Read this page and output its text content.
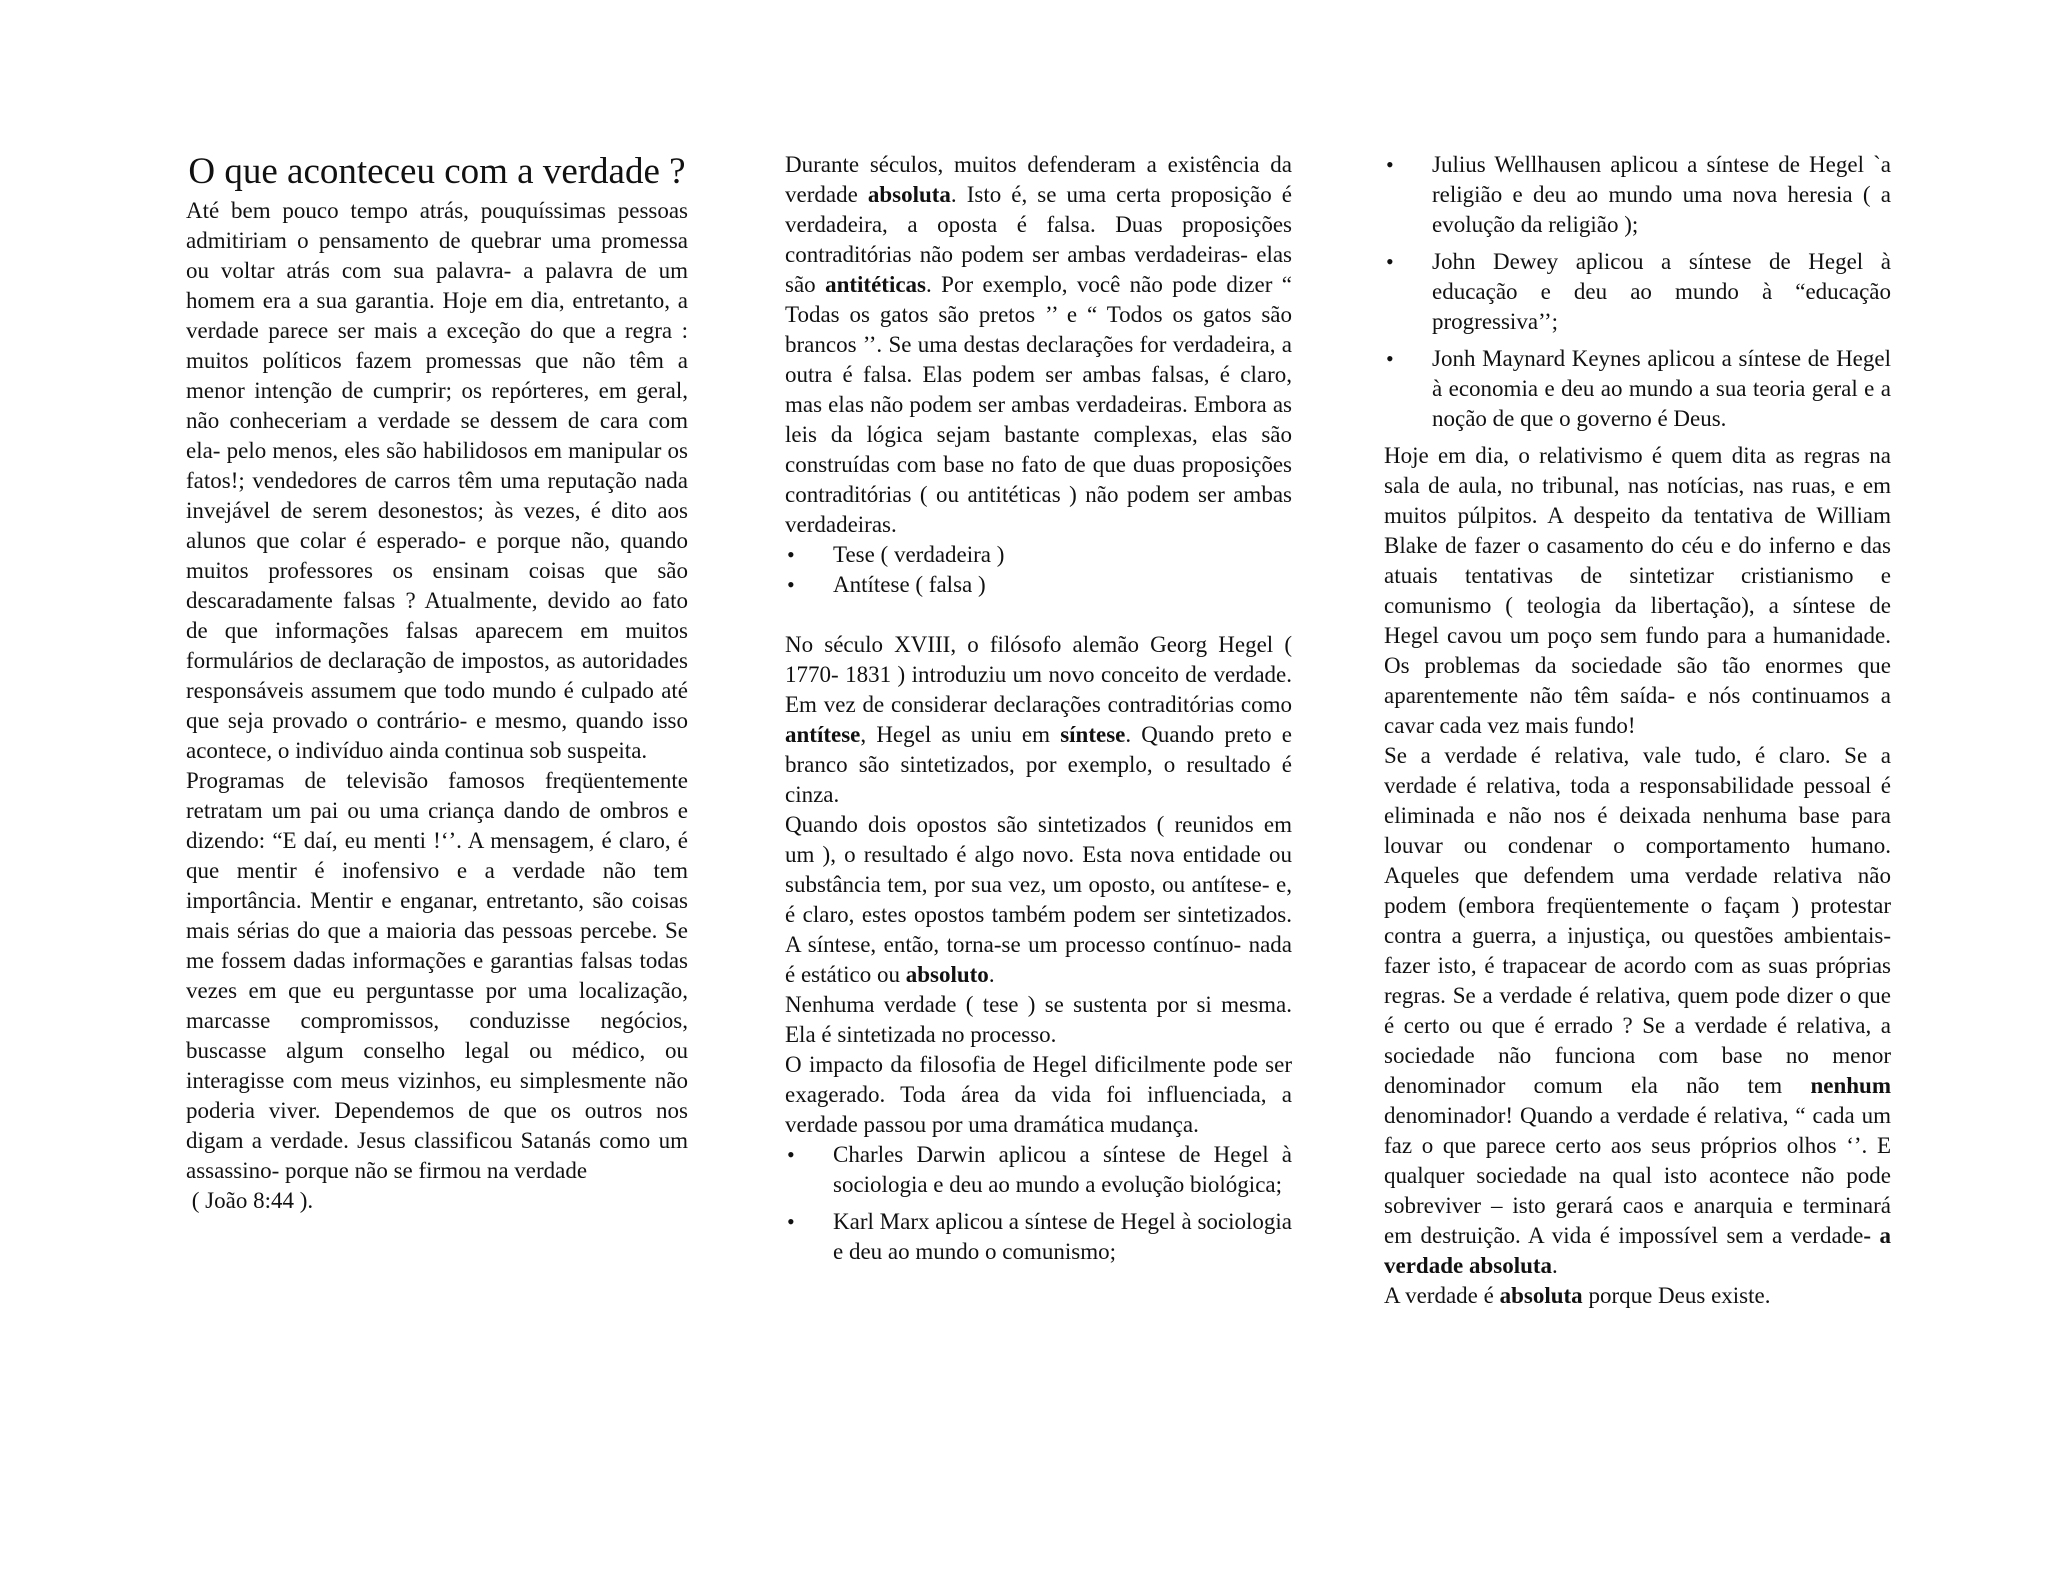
O que aconteceu com a verdade ?

Até bem pouco tempo atrás, pouquíssimas pessoas admitiriam o pensamento de quebrar uma promessa ou voltar atrás com sua palavra- a palavra de um homem era a sua garantia. Hoje em dia, entretanto, a verdade parece ser mais a exceção do que a regra : muitos políticos fazem promessas que não têm a menor intenção de cumprir; os repórteres, em geral, não conheceriam a verdade se dessem de cara com ela- pelo menos, eles são habilidosos em manipular os fatos!; vendedores de carros têm uma reputação nada invejável de serem desonestos; às vezes, é dito aos alunos que colar é esperado- e porque não, quando muitos professores os ensinam coisas que são descaradamente falsas ? Atualmente, devido ao fato de que informações falsas aparecem em muitos formulários de declaração de impostos, as autoridades responsáveis assumem que todo mundo é culpado até que seja provado o contrário- e mesmo, quando isso acontece, o indivíduo ainda continua sob suspeita.

Programas de televisão famosos freqüentemente retratam um pai ou uma criança dando de ombros e dizendo: “E daí, eu menti !‘’. A mensagem, é claro, é que mentir é inofensivo e a verdade não tem importância. Mentir e enganar, entretanto, são coisas mais sérias do que a maioria das pessoas percebe. Se me fossem dadas informações e garantias falsas todas vezes em que eu perguntasse por uma localização, marcasse compromissos, conduzisse negócios, buscasse algum conselho legal ou médico, ou interagisse com meus vizinhos, eu simplesmente não poderia viver. Dependemos de que os outros nos digam a verdade. Jesus classificou Satanás como um assassino- porque não se firmou na verdade
( João 8:44 ).

Durante séculos, muitos defenderam a existência da verdade absoluta. Isto é, se uma certa proposição é verdadeira, a oposta é falsa. Duas proposições contraditórias não podem ser ambas verdadeiras- elas são antitéticas. Por exemplo, você não pode dizer “ Todas os gatos são pretos ’’ e “ Todos os gatos são brancos ’’. Se uma destas declarações for verdadeira, a outra é falsa. Elas podem ser ambas falsas, é claro, mas elas não podem ser ambas verdadeiras. Embora as leis da lógica sejam bastante complexas, elas são construídas com base no fato de que duas proposições contraditórias ( ou antitéticas ) não podem ser ambas verdadeiras.

• Tese ( verdadeira )
• Antítese ( falsa )

No século XVIII, o filósofo alemão Georg Hegel ( 1770- 1831 ) introduziu um novo conceito de verdade. Em vez de considerar declarações contraditórias como antítese, Hegel as uniu em síntese. Quando preto e branco são sintetizados, por exemplo, o resultado é cinza.

Quando dois opostos são sintetizados ( reunidos em um ), o resultado é algo novo. Esta nova entidade ou substância tem, por sua vez, um oposto, ou antítese- e, é claro, estes opostos também podem ser sintetizados. A síntese, então, torna-se um processo contínuo- nada é estático ou absoluto.

Nenhuma verdade ( tese ) se sustenta por si mesma. Ela é sintetizada no processo.

O impacto da filosofia de Hegel dificilmente pode ser exagerado. Toda área da vida foi influenciada, a verdade passou por uma dramática mudança.

• Charles Darwin aplicou a síntese de Hegel à sociologia e deu ao mundo a evolução biológica;
• Karl Marx aplicou a síntese de Hegel à sociologia e deu ao mundo o comunismo;
• Julius Wellhausen aplicou a síntese de Hegel `a religião e deu ao mundo uma nova heresia ( a evolução da religião );
• John Dewey aplicou a síntese de Hegel à educação e deu ao mundo à “educação progressiva’’;
• Jonh Maynard Keynes aplicou a síntese de Hegel à economia e deu ao mundo a sua teoria geral e a noção de que o governo é Deus.

Hoje em dia, o relativismo é quem dita as regras na sala de aula, no tribunal, nas notícias, nas ruas, e em muitos púlpitos. A despeito da tentativa de William Blake de fazer o casamento do céu e do inferno e das atuais tentativas de sintetizar cristianismo e comunismo ( teologia da libertação), a síntese de Hegel cavou um poço sem fundo para a humanidade. Os problemas da sociedade são tão enormes que aparentemente não têm saída- e nós continuamos a cavar cada vez mais fundo!

Se a verdade é relativa, vale tudo, é claro. Se a verdade é relativa, toda a responsabilidade pessoal é eliminada e não nos é deixada nenhuma base para louvar ou condenar o comportamento humano. Aqueles que defendem uma verdade relativa não podem (embora freqüentemente o façam ) protestar contra a guerra, a injustiça, ou questões ambientais- fazer isto, é trapacear de acordo com as suas próprias regras. Se a verdade é relativa, quem pode dizer o que é certo ou que é errado ? Se a verdade é relativa, a sociedade não funciona com base no menor denominador comum ela não tem nenhum denominador! Quando a verdade é relativa, “ cada um faz o que parece certo aos seus próprios olhos ‘’. E qualquer sociedade na qual isto acontece não pode sobreviver – isto gerará caos e anarquia e terminará em destruição. A vida é impossível sem a verdade- a verdade absoluta.

A verdade é absoluta porque Deus existe.
